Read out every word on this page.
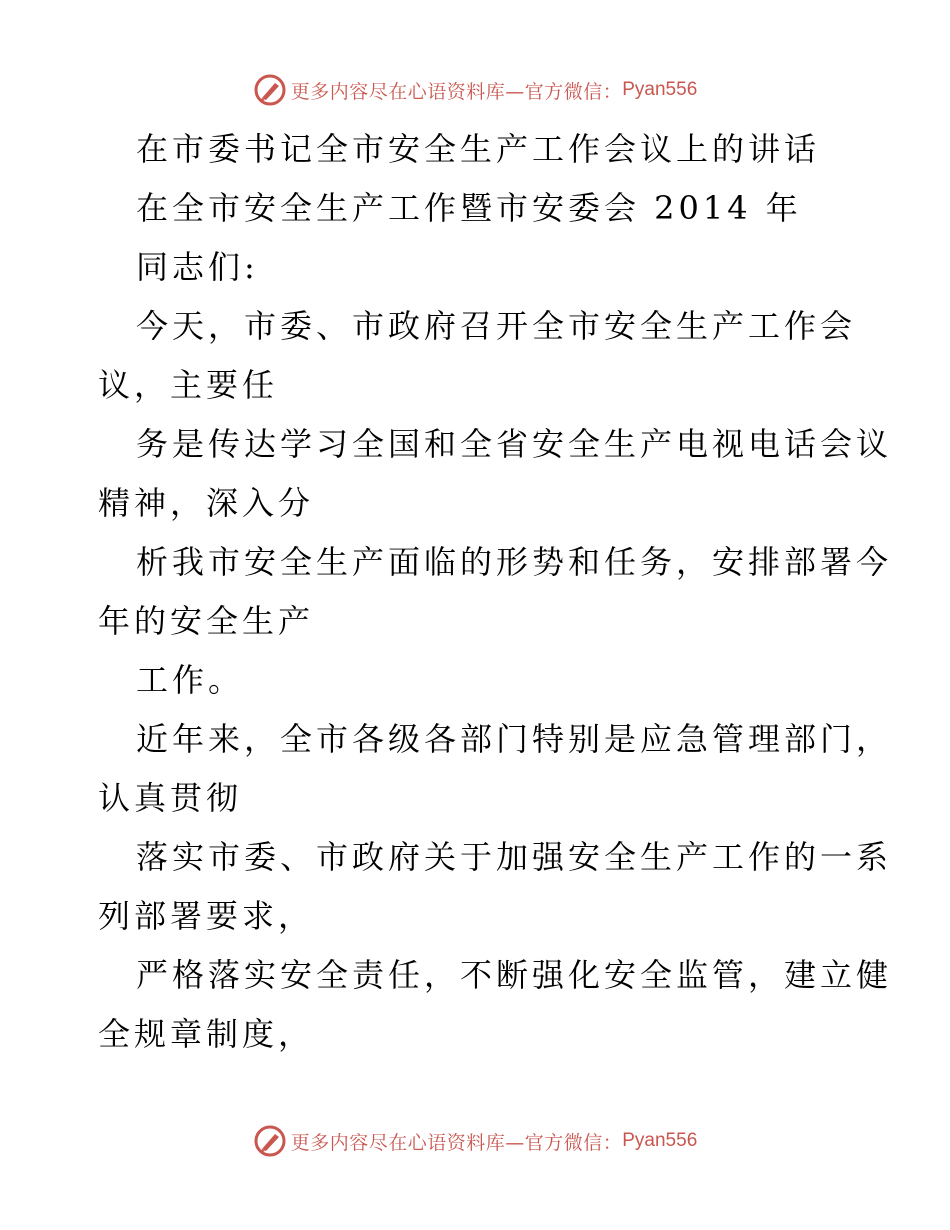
更多内容尽在心语资料库—官方微信： Pyan556
在市委书记全市安全生产工作会议上的讲话
在全市安全生产工作暨市安委会 2014 年
同志们:
今天，市委、市政府召开全市安全生产工作会
议，主要任
务是传达学习全国和全省安全生产电视电话会议
精神，深入分
析我市安全生产面临的形势和任务，安排部署今
年的安全生产
工作。
近年来，全市各级各部门特别是应急管理部门，
认真贯彻
落实市委、市政府关于加强安全生产工作的一系
列部署要求，
严格落实安全责任，不断强化安全监管，建立健
全规章制度，
更多内容尽在心语资料库—官方微信： Pyan556
